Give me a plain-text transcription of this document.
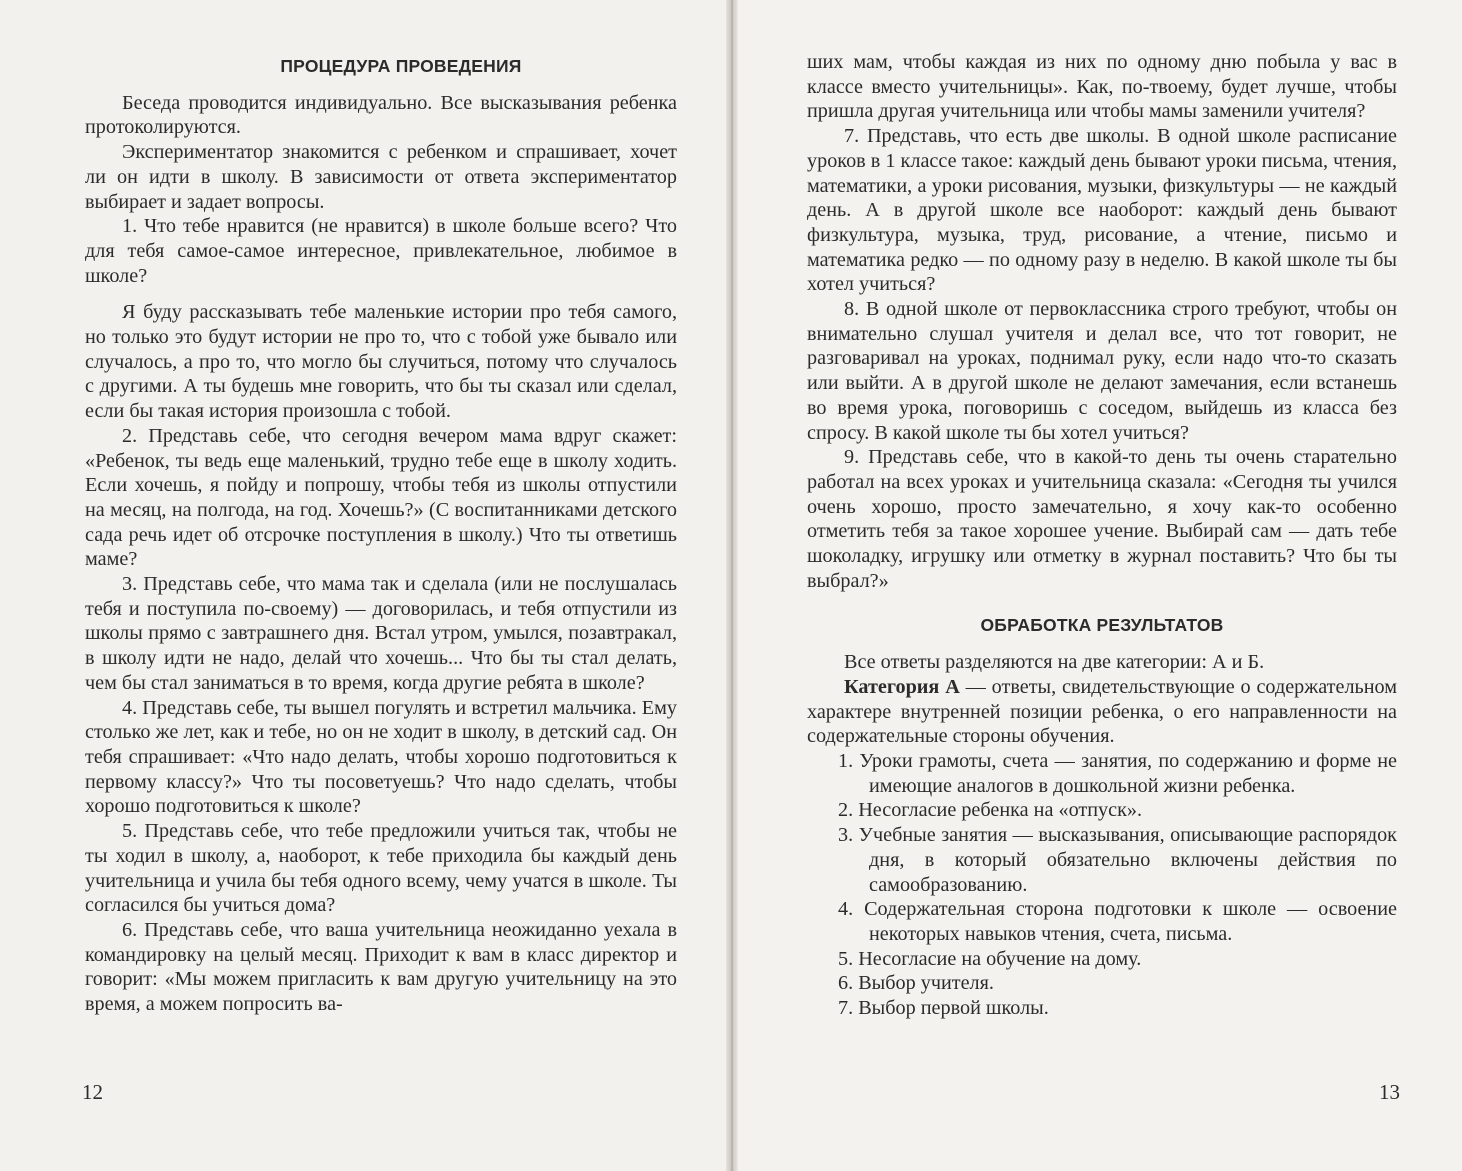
ПРОЦЕДУРА ПРОВЕДЕНИЯ

Беседа проводится индивидуально. Все высказывания ребенка протоколируются.

Экспериментатор знакомится с ребенком и спрашивает, хочет ли он идти в школу. В зависимости от ответа экспериментатор выбирает и задает вопросы.

1. Что тебе нравится (не нравится) в школе больше всего? Что для тебя самое-самое интересное, привлекательное, любимое в школе?

Я буду рассказывать тебе маленькие истории про тебя самого, но только это будут истории не про то, что с тобой уже бывало или случалось, а про то, что могло бы случиться, потому что случалось с другими. А ты будешь мне говорить, что бы ты сказал или сделал, если бы такая история произошла с тобой.

2. Представь себе, что сегодня вечером мама вдруг скажет: «Ребенок, ты ведь еще маленький, трудно тебе еще в школу ходить. Если хочешь, я пойду и попрошу, чтобы тебя из школы отпустили на месяц, на полгода, на год. Хочешь?» (С воспитанниками детского сада речь идет об отсрочке поступления в школу.) Что ты ответишь маме?

3. Представь себе, что мама так и сделала (или не послушалась тебя и поступила по-своему) — договорилась, и тебя отпустили из школы прямо с завтрашнего дня. Встал утром, умылся, позавтракал, в школу идти не надо, делай что хочешь... Что бы ты стал делать, чем бы стал заниматься в то время, когда другие ребята в школе?

4. Представь себе, ты вышел погулять и встретил мальчика. Ему столько же лет, как и тебе, но он не ходит в школу, в детский сад. Он тебя спрашивает: «Что надо делать, чтобы хорошо подготовиться к первому классу?» Что ты посоветуешь? Что надо сделать, чтобы хорошо подготовиться к школе?

5. Представь себе, что тебе предложили учиться так, чтобы не ты ходил в школу, а, наоборот, к тебе приходила бы каждый день учительница и учила бы тебя одного всему, чему учатся в школе. Ты согласился бы учиться дома?

6. Представь себе, что ваша учительница неожиданно уехала в командировку на целый месяц. Приходит к вам в класс директор и говорит: «Мы можем пригласить к вам другую учительницу на это время, а можем попросить ва-

12

ших мам, чтобы каждая из них по одному дню побыла у вас в классе вместо учительницы». Как, по-твоему, будет лучше, чтобы пришла другая учительница или чтобы мамы заменили учителя?

7. Представь, что есть две школы. В одной школе расписание уроков в 1 классе такое: каждый день бывают уроки письма, чтения, математики, а уроки рисования, музыки, физкультуры — не каждый день. А в другой школе все наоборот: каждый день бывают физкультура, музыка, труд, рисование, а чтение, письмо и математика редко — по одному разу в неделю. В какой школе ты бы хотел учиться?

8. В одной школе от первоклассника строго требуют, чтобы он внимательно слушал учителя и делал все, что тот говорит, не разговаривал на уроках, поднимал руку, если надо что-то сказать или выйти. А в другой школе не делают замечания, если встанешь во время урока, поговоришь с соседом, выйдешь из класса без спросу. В какой школе ты бы хотел учиться?

9. Представь себе, что в какой-то день ты очень старательно работал на всех уроках и учительница сказала: «Сегодня ты учился очень хорошо, просто замечательно, я хочу как-то особенно отметить тебя за такое хорошее учение. Выбирай сам — дать тебе шоколадку, игрушку или отметку в журнал поставить? Что бы ты выбрал?»

ОБРАБОТКА РЕЗУЛЬТАТОВ

Все ответы разделяются на две категории: А и Б.

Категория А — ответы, свидетельствующие о содержательном характере внутренней позиции ребенка, о его направленности на содержательные стороны обучения.

1. Уроки грамоты, счета — занятия, по содержанию и форме не имеющие аналогов в дошкольной жизни ребенка.
2. Несогласие ребенка на «отпуск».
3. Учебные занятия — высказывания, описывающие распорядок дня, в который обязательно включены действия по самообразованию.
4. Содержательная сторона подготовки к школе — освоение некоторых навыков чтения, счета, письма.
5. Несогласие на обучение на дому.
6. Выбор учителя.
7. Выбор первой школы.
13
